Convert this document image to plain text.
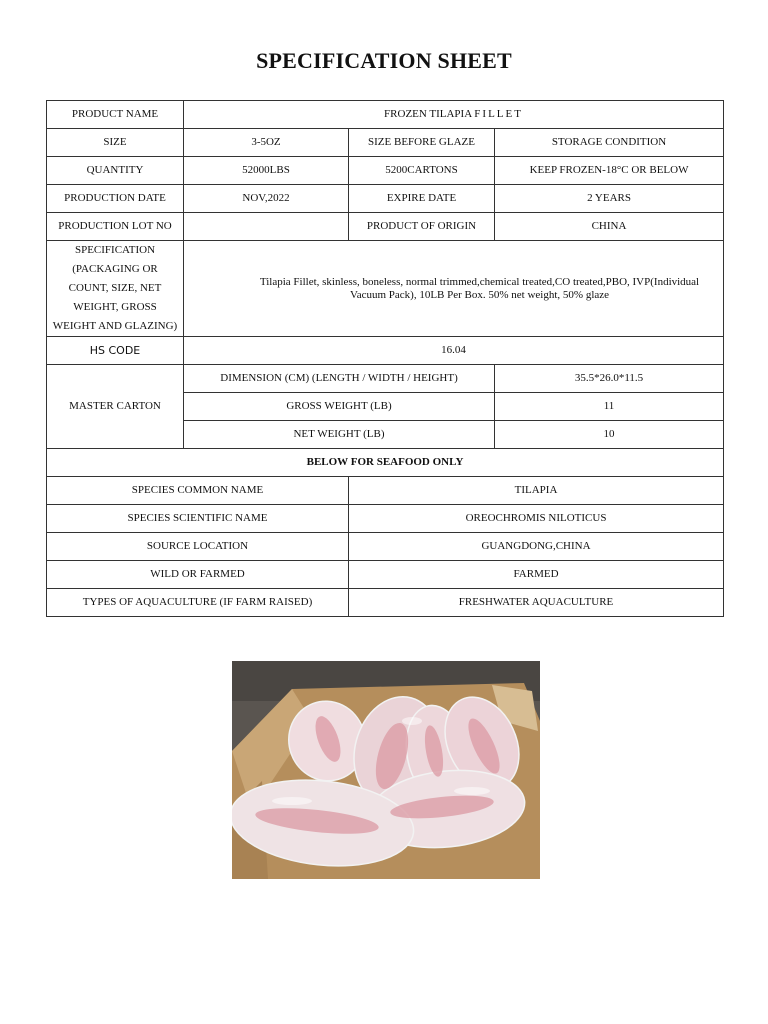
SPECIFICATION SHEET
PRODUCT NAME	FROZEN TILAPIA FILLET		
SIZE	3-5OZ	SIZE BEFORE GLAZE	STORAGE CONDITION
QUANTITY	52000LBS	5200CARTONS	KEEP FROZEN-18°C OR BELOW
PRODUCTION DATE	NOV,2022	EXPIRE DATE	2 YEARS
PRODUCTION LOT NO		PRODUCT OF ORIGIN	CHINA
SPECIFICATION (PACKAGING OR COUNT, SIZE, NET WEIGHT, GROSS WEIGHT AND GLAZING)	Tilapia Fillet, skinless, boneless, normal trimmed,chemical treated,CO treated,PBO, IVP(Individual Vacuum Pack), 10LB Per Box. 50% net weight, 50% glaze		
HS CODE	16.04		
MASTER CARTON	DIMENSION (CM) (LENGTH / WIDTH / HEIGHT)		35.5*26.0*11.5
	GROSS WEIGHT (LB)		11
	NET WEIGHT (LB)		10
BELOW FOR SEAFOOD ONLY			
SPECIES COMMON NAME		TILAPIA	
SPECIES SCIENTIFIC NAME		OREOCHROMIS NILOTICUS	
SOURCE LOCATION		GUANGDONG,CHINA	
WILD OR FARMED		FARMED	
TYPES OF AQUACULTURE (IF FARM RAISED)		FRESHWATER AQUACULTURE	
